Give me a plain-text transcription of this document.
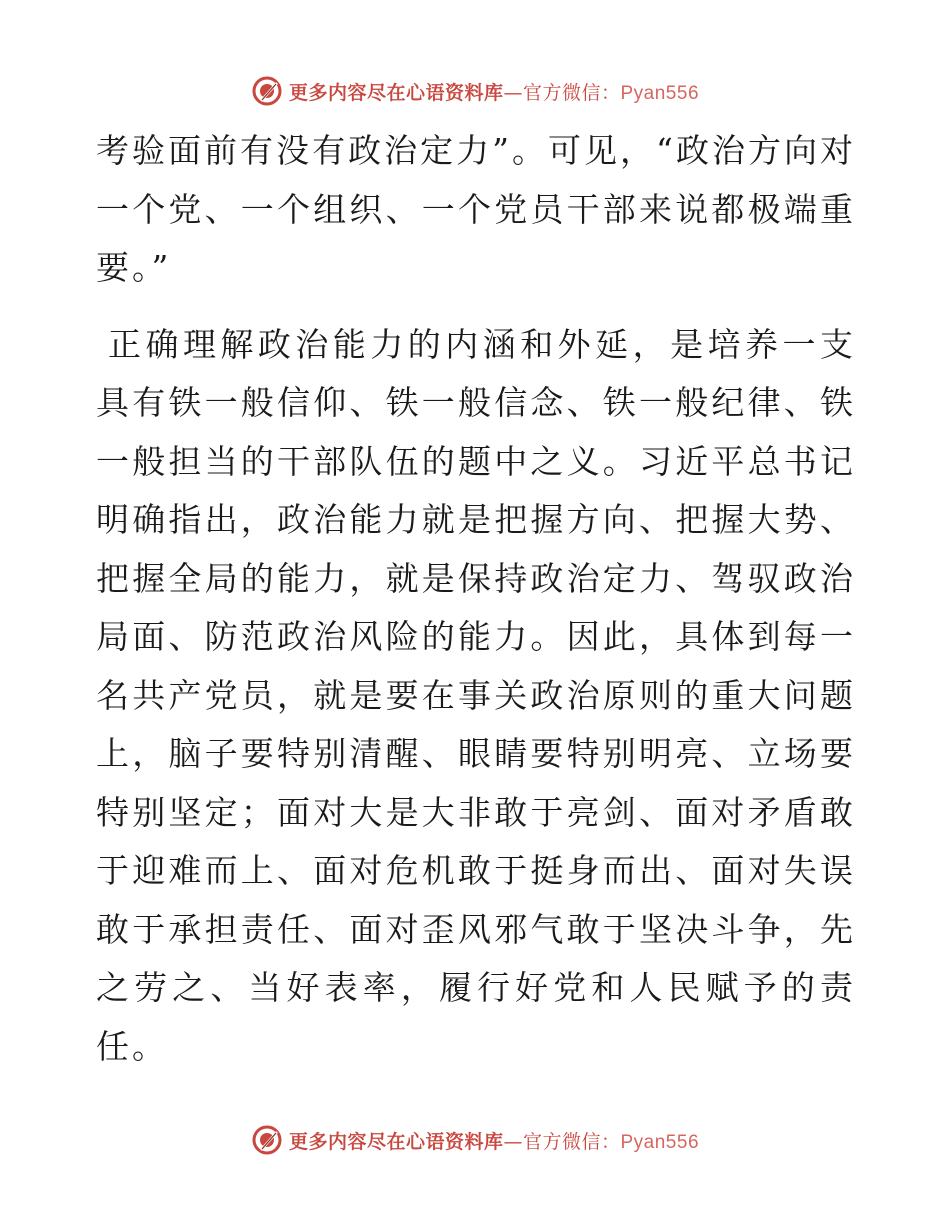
更多内容尽在心语资料库—官方微信：Pyan556

考验面前有没有政治定力”。可见，“政治方向对一个党、一个组织、一个党员干部来说都极端重要。”

正确理解政治能力的内涵和外延，是培养一支具有铁一般信仰、铁一般信念、铁一般纪律、铁一般担当的干部队伍的题中之义。习近平总书记明确指出，政治能力就是把握方向、把握大势、把握全局的能力，就是保持政治定力、驾驭政治局面、防范政治风险的能力。因此，具体到每一名共产党员，就是要在事关政治原则的重大问题上，脑子要特别清醒、眼睛要特别明亮、立场要特别坚定；面对大是大非敢于亮剑、面对矛盾敢于迎难而上、面对危机敢于挺身而出、面对失误敢于承担责任、面对歪风邪气敢于坚决斗争，先之劳之、当好表率，履行好党和人民赋予的责任。

更多内容尽在心语资料库—官方微信：Pyan556
